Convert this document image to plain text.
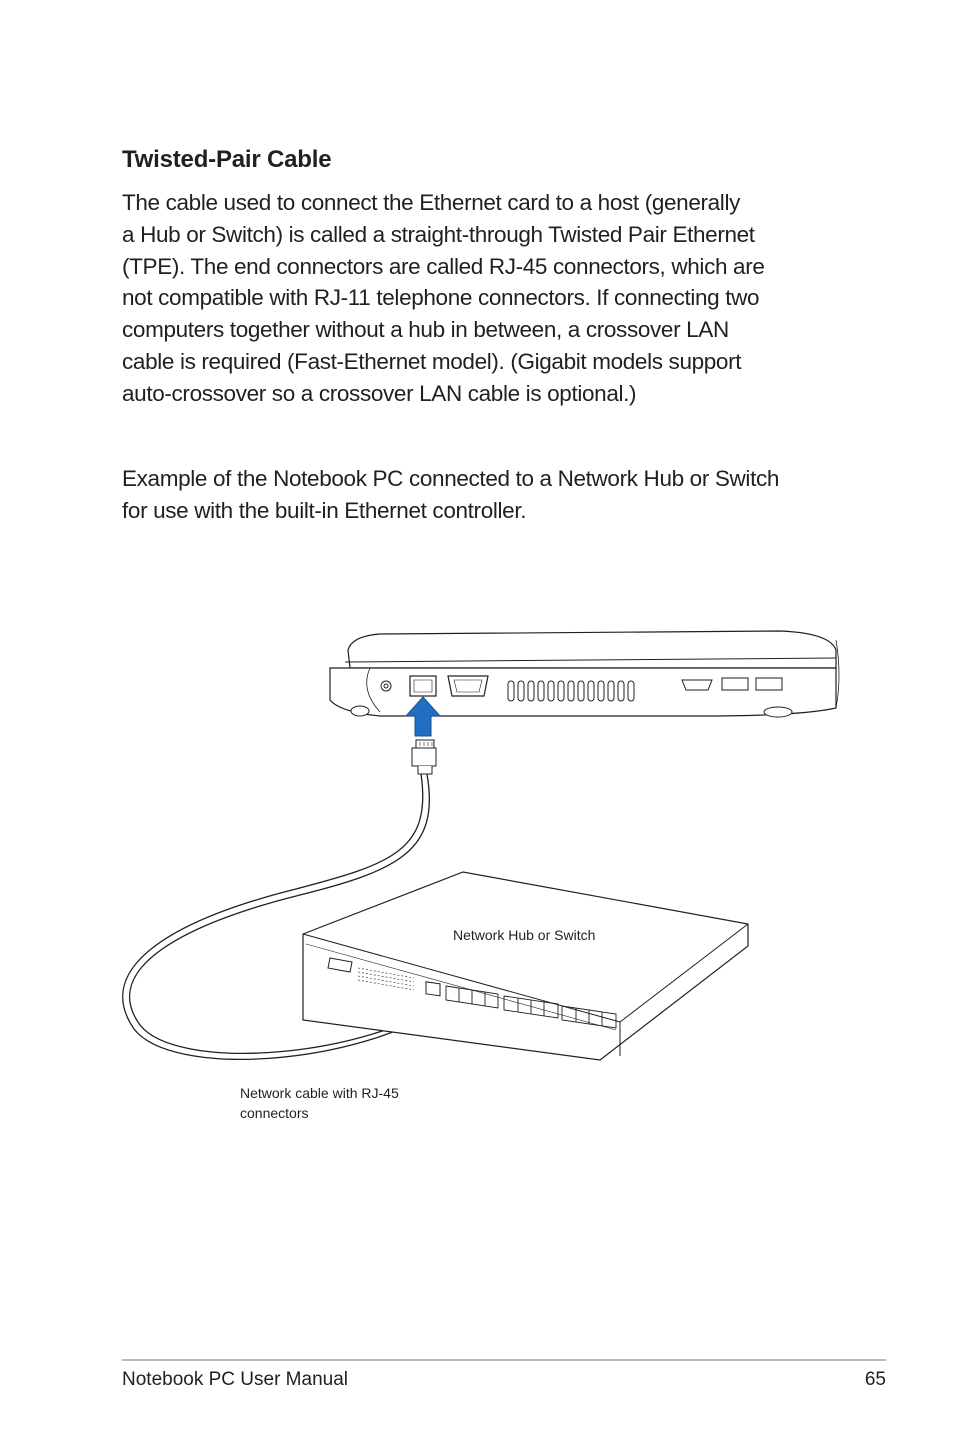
Twisted-Pair Cable

The cable used to connect the Ethernet card to a host (generally
a Hub or Switch) is called a straight-through Twisted Pair Ethernet
(TPE). The end connectors are called RJ-45 connectors, which are
not compatible with RJ-11 telephone connectors. If connecting two
computers together without a hub in between, a crossover LAN
cable is required (Fast-Ethernet model). (Gigabit models support
auto-crossover so a crossover LAN cable is optional.)

Example of the Notebook PC connected to a Network Hub or Switch
for use with the built-in Ethernet controller.

Network Hub or Switch
Network cable with RJ-45 connectors
Notebook PC User Manual	65
